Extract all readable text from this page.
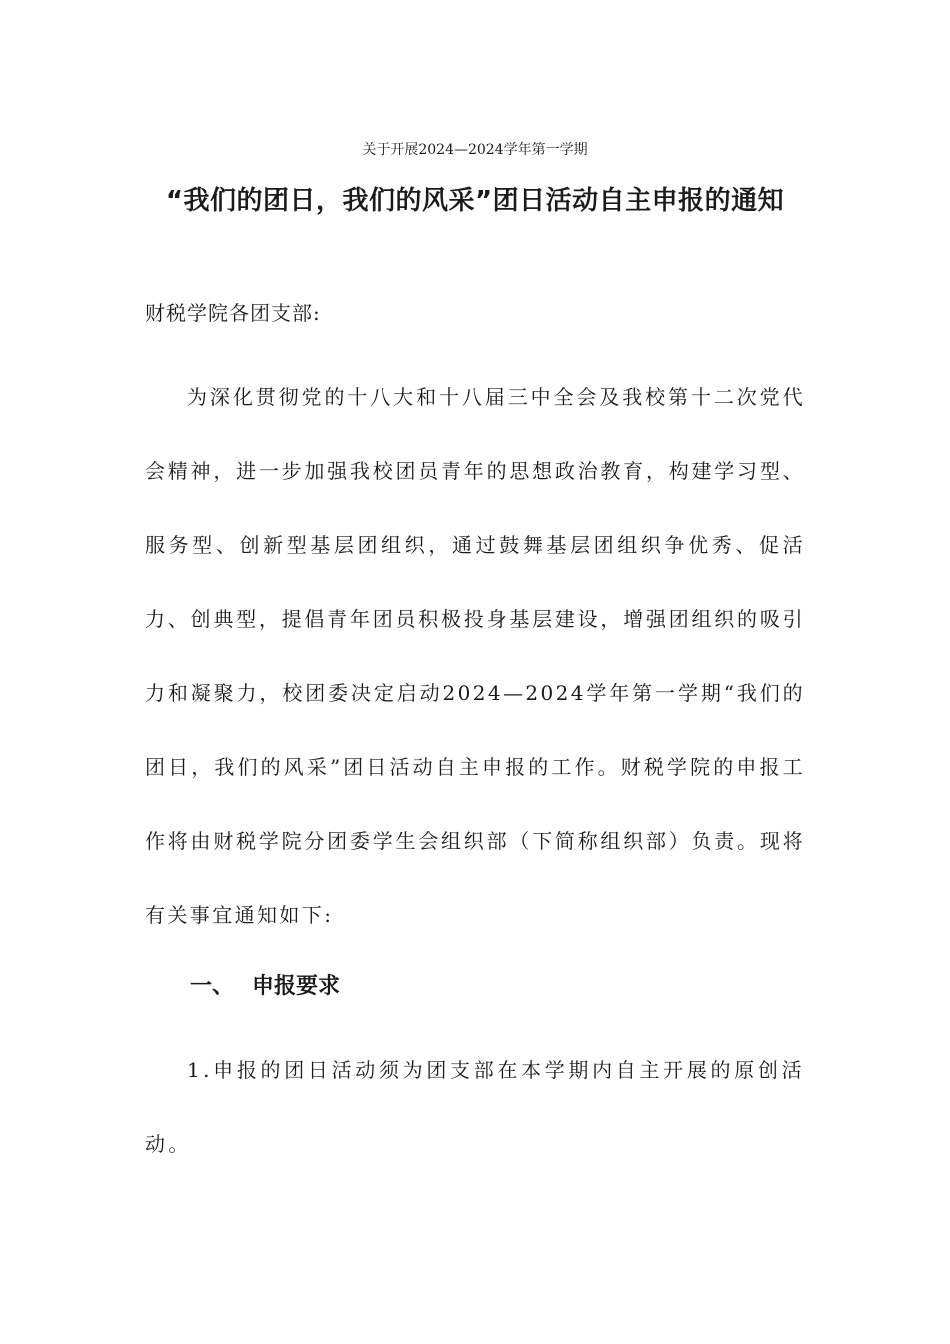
关于开展2024—2024学年第一学期
“我们的团日，我们的风采”团日活动自主申报的通知
财税学院各团支部:

为深化贯彻党的十八大和十八届三中全会及我校第十二次党代会精神，进一步加强我校团员青年的思想政治教育，构建学习型、服务型、创新型基层团组织，通过鼓舞基层团组织争优秀、促活力、创典型，提倡青年团员积极投身基层建设，增强团组织的吸引力和凝聚力，校团委决定启动2024—2024学年第一学期“我们的团日，我们的风采”团日活动自主申报的工作。财税学院的申报工作将由财税学院分团委学生会组织部（下简称组织部）负责。现将有关事宜通知如下:

一、 申报要求

1.申报的团日活动须为团支部在本学期内自主开展的原创活动。
